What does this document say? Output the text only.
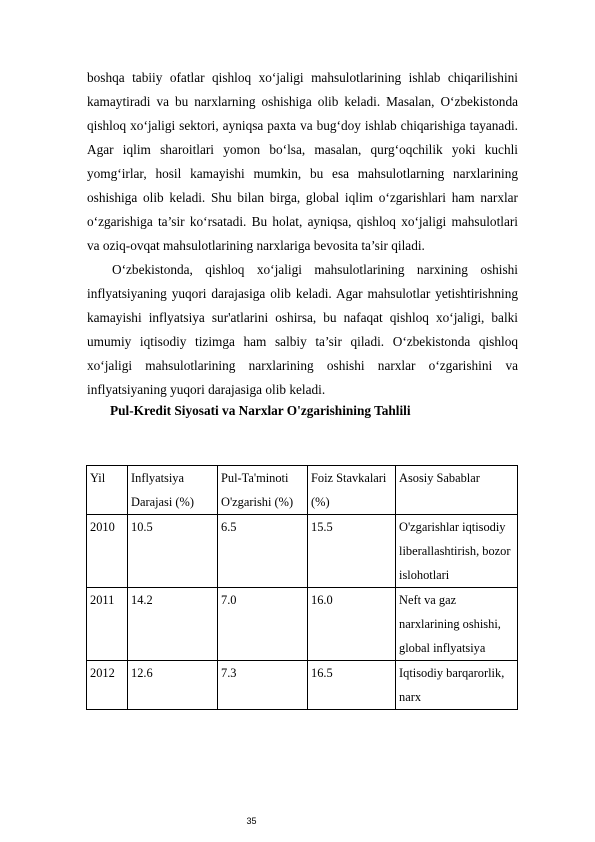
boshqa tabiiy ofatlar qishloq xo‘jaligi mahsulotlarining ishlab chiqarilishini kamaytiradi va bu narxlarning oshishiga olib keladi. Masalan, O‘zbekistonda qishloq xo‘jaligi sektori, ayniqsa paxta va bug‘doy ishlab chiqarishiga tayanadi. Agar iqlim sharoitlari yomon bo‘lsa, masalan, qurg‘oqchilik yoki kuchli yomg‘irlar, hosil kamayishi mumkin, bu esa mahsulotlarning narxlarining oshishiga olib keladi. Shu bilan birga, global iqlim o‘zgarishlari ham narxlar o‘zgarishiga ta’sir ko‘rsatadi. Bu holat, ayniqsa, qishloq xo‘jaligi mahsulotlari va oziq-ovqat mahsulotlarining narxlariga bevosita ta’sir qiladi.

O‘zbekistonda, qishloq xo‘jaligi mahsulotlarining narxining oshishi inflyatsiyaning yuqori darajasiga olib keladi. Agar mahsulotlar yetishtirishning kamayishi inflyatsiya sur'atlarini oshirsa, bu nafaqat qishloq xo‘jaligi, balki umumiy iqtisodiy tizimga ham salbiy ta’sir qiladi. O‘zbekistonda qishloq xo‘jaligi mahsulotlarining narxlarining oshishi narxlar o‘zgarishini va inflyatsiyaning yuqori darajasiga olib keladi.

Pul-Kredit Siyosati va Narxlar O'zgarishining Tahlili

Yil	Inflyatsiya Darajasi (%)	Pul-Ta'minoti O'zgarishi (%)	Foiz Stavkalari (%)	Asosiy Sabablar
2010	10.5	6.5	15.5	O'zgarishlar iqtisodiy liberallashtirish, bozor islohotlari
2011	14.2	7.0	16.0	Neft va gaz narxlarining oshishi, global inflyatsiya
2012	12.6	7.3	16.5	Iqtisodiy barqarorlik, narx
35
